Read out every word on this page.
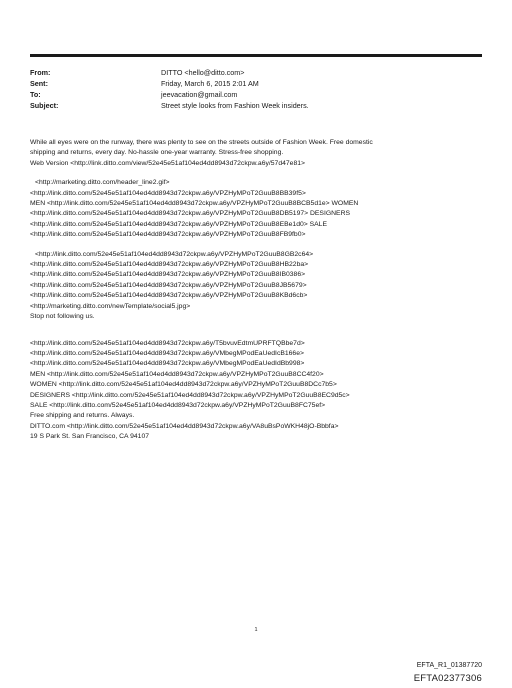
From:	DITTO <hello@ditto.com>
Sent:	Friday, March 6, 2015 2:01 AM
To:	jeevacation@gmail.com
Subject:	Street style looks from Fashion Week insiders.

While all eyes were on the runway, there was plenty to see on the streets outside of Fashion Week. Free domestic

shipping and returns, every day. No-hassle one-year warranty. Stress-free shopping.

Web Version <http://link.ditto.com/view/52e45e51af104ed4dd8943d72ckpw.a6y/57d47e81>

<http://marketing.ditto.com/header_line2.gif>

<http://link.ditto.com/52e45e51af104ed4dd8943d72ckpw.a6y/VPZHyMPoT2GuuB8BB39f5>

MEN <http://link.ditto.com/52e45e51af104ed4dd8943d72ckpw.a6y/VPZHyMPoT2GuuB8BCB5d1e> WOMEN

<http://link.ditto.com/52e45e51af104ed4dd8943d72ckpw.a6y/VPZHyMPoT2GuuB8DB5197> DESIGNERS

<http://link.ditto.com/52e45e51af104ed4dd8943d72ckpw.a6y/VPZHyMPoT2GuuB8EBe1d0> SALE

<http://link.ditto.com/52e45e51af104ed4dd8943d72ckpw.a6y/VPZHyMPoT2GuuB8FB9fb0>

<http://link.ditto.com/52e45e51af104ed4dd8943d72ckpw.a6y/VPZHyMPoT2GuuB8GB2c64>

<http://link.ditto.com/52e45e51af104ed4dd8943d72ckpw.a6y/VPZHyMPoT2GuuB8HB22ba>

<http://link.ditto.com/52e45e51af104ed4dd8943d72ckpw.a6y/VPZHyMPoT2GuuB8IB0386>

<http://link.ditto.com/52e45e51af104ed4dd8943d72ckpw.a6y/VPZHyMPoT2GuuB8JB5679>

<http://link.ditto.com/52e45e51af104ed4dd8943d72ckpw.a6y/VPZHyMPoT2GuuB8KBd6cb>

<http://marketing.ditto.com/newTemplate/social5.jpg>

Stop not following us.

<http://link.ditto.com/52e45e51af104ed4dd8943d72ckpw.a6y/T5bvuvEdtmUPRFTQBbe7d>

<http://link.ditto.com/52e45e51af104ed4dd8943d72ckpw.a6y/VMbegMPodEaUedIcB166e>

<http://link.ditto.com/52e45e51af104ed4dd8943d72ckpw.a6y/VMbegMPodEaUedIdBb998>

MEN <http://link.ditto.com/52e45e51af104ed4dd8943d72ckpw.a6y/VPZHyMPoT2GuuB8CC4f20>

WOMEN <http://link.ditto.com/52e45e51af104ed4dd8943d72ckpw.a6y/VPZHyMPoT2GuuB8DCc7b5>

DESIGNERS <http://link.ditto.com/52e45e51af104ed4dd8943d72ckpw.a6y/VPZHyMPoT2GuuB8EC9d5c>

SALE <http://link.ditto.com/52e45e51af104ed4dd8943d72ckpw.a6y/VPZHyMPoT2GuuB8FC75ef>

Free shipping and returns. Always.

DITTO.com <http://link.ditto.com/52e45e51af104ed4dd8943d72ckpw.a6y/VA8uBsPoWKH48jO-Bbbfa>

19 S Park St. San Francisco, CA 94107

1
EFTA_R1_01387720
EFTA02377306
